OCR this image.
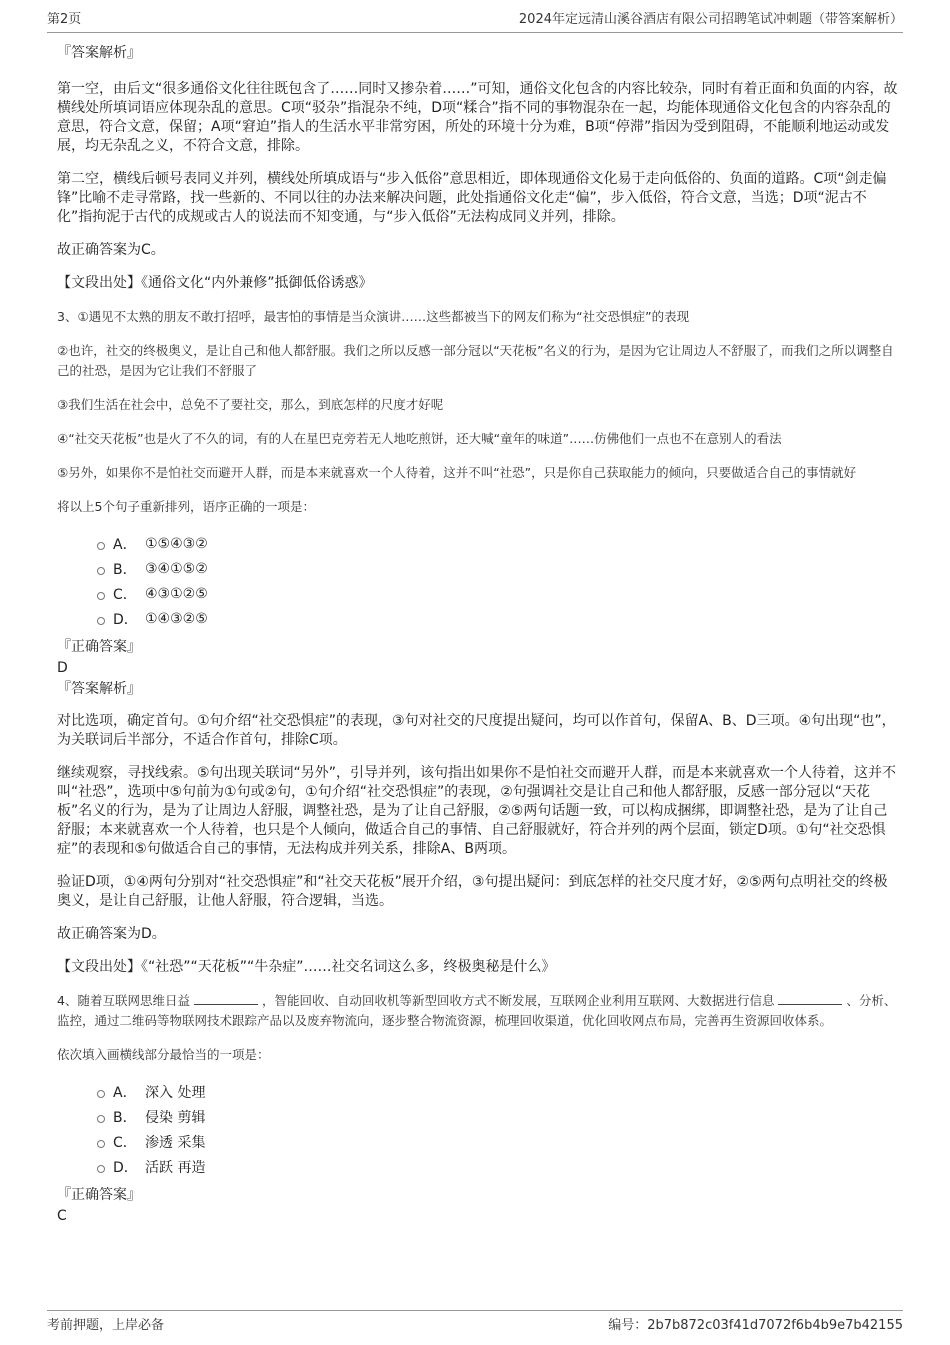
第2页	2024年定远清山溪谷酒店有限公司招聘笔试冲刺题（带答案解析）

『答案解析』

第一空，由后文“很多通俗文化往往既包含了……同时又掺杂着……”可知，通俗文化包含的内容比较杂，同时有着正面和负面的内容，故横线处所填词语应体现杂乱的意思。C项“驳杂”指混杂不纯，D项“糅合”指不同的事物混杂在一起，均能体现通俗文化包含的内容杂乱的意思，符合文意，保留；A项“窘迫”指人的生活水平非常穷困，所处的环境十分为难，B项“停滞”指因为受到阻碍，不能顺利地运动或发展，均无杂乱之义，不符合文意，排除。

第二空，横线后顿号表同义并列，横线处所填成语与“步入低俗”意思相近，即体现通俗文化易于走向低俗的、负面的道路。C项“剑走偏锋”比喻不走寻常路，找一些新的、不同以往的办法来解决问题，此处指通俗文化走“偏”，步入低俗，符合文意，当选；D项“泥古不化”指拘泥于古代的成规或古人的说法而不知变通，与“步入低俗”无法构成同义并列，排除。

故正确答案为C。

【文段出处】《通俗文化“内外兼修”抵御低俗诱惑》

3、①遇见不太熟的朋友不敢打招呼，最害怕的事情是当众演讲……这些都被当下的网友们称为“社交恐惧症”的表现

②也许，社交的终极奥义，是让自己和他人都舒服。我们之所以反感一部分冠以“天花板”名义的行为，是因为它让周边人不舒服了，而我们之所以调整自己的社恐，是因为它让我们不舒服了

③我们生活在社会中，总免不了要社交，那么，到底怎样的尺度才好呢

④“社交天花板”也是火了不久的词，有的人在星巴克旁若无人地吃煎饼，还大喊“童年的味道”……仿佛他们一点也不在意别人的看法

⑤另外，如果你不是怕社交而避开人群，而是本来就喜欢一个人待着，这并不叫“社恐”，只是你自己获取能力的倾向，只要做适合自己的事情就好

将以上5个句子重新排列，语序正确的一项是：

A． ①⑤④③②
B． ③④①⑤②
C． ④③①②⑤
D． ①④③②⑤

『正确答案』

D

『答案解析』

对比选项，确定首句。①句介绍“社交恐惧症”的表现，③句对社交的尺度提出疑问，均可以作首句，保留A、B、D三项。④句出现“也”，为关联词后半部分，不适合作首句，排除C项。

继续观察，寻找线索。⑤句出现关联词“另外”，引导并列，该句指出如果你不是怕社交而避开人群，而是本来就喜欢一个人待着，这并不叫“社恐”，选项中⑤句前为①句或②句，①句介绍“社交恐惧症”的表现，②句强调社交是让自己和他人都舒服，反感一部分冠以“天花板”名义的行为，是为了让周边人舒服，调整社恐，是为了让自己舒服，②⑤两句话题一致，可以构成捆绑，即调整社恐，是为了让自己舒服；本来就喜欢一个人待着，也只是个人倾向，做适合自己的事情、自己舒服就好，符合并列的两个层面，锁定D项。①句“社交恐惧症”的表现和⑤句做适合自己的事情，无法构成并列关系，排除A、B两项。

验证D项，①④两句分别对“社交恐惧症”和“社交天花板”展开介绍，③句提出疑问：到底怎样的社交尺度才好，②⑤两句点明社交的终极奥义，是让自己舒服，让他人舒服，符合逻辑，当选。

故正确答案为D。

【文段出处】《“社恐”“天花板”“牛杂症”……社交名词这么多，终极奥秘是什么》

4、随着互联网思维日益	，智能回收、自动回收机等新型回收方式不断发展，互联网企业利用互联网、大数据进行信息	、分析、监控，通过二维码等物联网技术跟踪产品以及废弃物流向，逐步整合物流资源，梳理回收渠道，优化回收网点布局，完善再生资源回收体系。

依次填入画横线部分最恰当的一项是：

A． 深入 处理
B． 侵染 剪辑
C． 渗透 采集
D． 活跃 再造

『正确答案』

C

考前押题，上岸必备	编号：2b7b872c03f41d7072f6b4b9e7b42155
